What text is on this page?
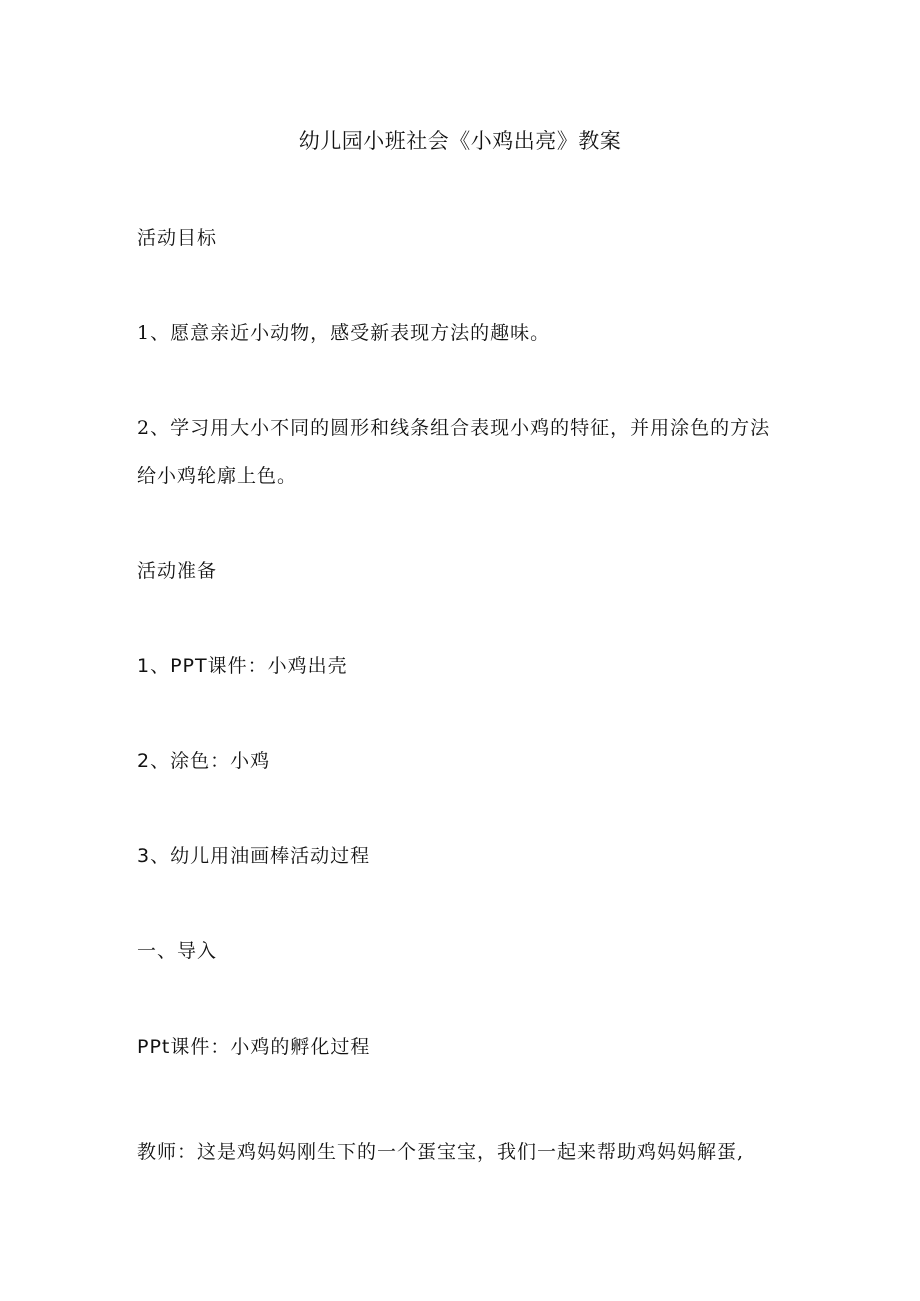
幼儿园小班社会《小鸡出亮》教案
活动目标
1、愿意亲近小动物，感受新表现方法的趣味。
2、学习用大小不同的圆形和线条组合表现小鸡的特征，并用涂色的方法
给小鸡轮廓上色。
活动准备
1、PPT课件：小鸡出壳
2、涂色：小鸡
3、幼儿用油画棒活动过程
一、导入
PPt课件：小鸡的孵化过程
教师：这是鸡妈妈刚生下的一个蛋宝宝，我们一起来帮助鸡妈妈解蛋,
